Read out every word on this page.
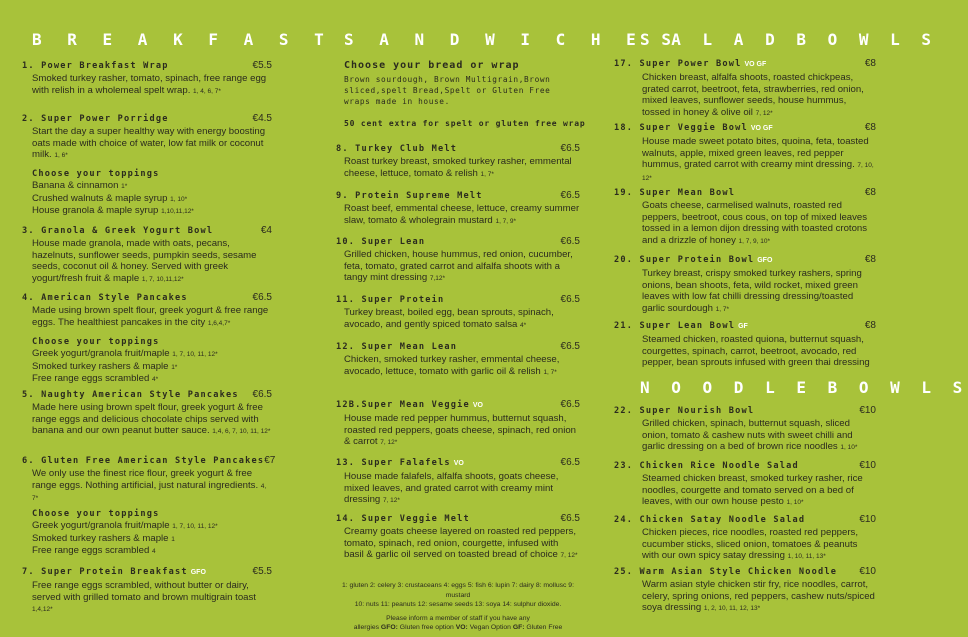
B R E A K F A S T
1. Power Breakfast Wrap	€5.5
Smoked turkey rasher, tomato, spinach, free range egg with relish in a wholemeal spelt wrap. 1, 4, 6, 7*
2. Super Power Porridge	€4.5
Start the day a super healthy way with energy boosting oats made with choice of water, low fat milk or coconut milk. 1, 6*
Choose your toppings
Banana & cinnamon 1*
Crushed walnuts & maple syrup 1, 10*
House granola & maple syrup 1,10,11,12*
3. Granola & Greek Yogurt Bowl	€4
House made granola, made with oats, pecans, hazelnuts, sunflower seeds, pumpkin seeds, sesame seeds, coconut oil & honey. Served with greek yogurt/fresh fruit & maple 1, 7, 10,11,12*
4. American Style Pancakes	€6.5
Made using brown spelt flour, greek yogurt & free range eggs. The healthiest pancakes in the city 1,6,4,7*
Choose your toppings
Greek yogurt/granola fruit/maple 1, 7, 10, 11, 12*
Smoked turkey rashers & maple 1*
Free range eggs scrambled 4*
5. Naughty American Style Pancakes €6.5
Made here using brown spelt flour, greek yogurt & free range eggs and delicious chocolate chips served with banana and our own peanut butter sauce. 1,4, 6, 7, 10, 11, 12*
6. Gluten Free American Style Pancakes €7
We only use the finest rice flour, greek yogurt & free range eggs. Nothing artificial, just natural ingredients. 4, 7*
Choose your toppings
Greek yogurt/granola fruit/maple 1, 7, 10, 11, 12*
Smoked turkey rashers & maple 1
Free range eggs scrambled 4
7. Super Protein Breakfast GFO	€5.5
Free range eggs scrambled, without butter or dairy, served with grilled tomato and brown multigrain toast 1,4,12*
S A N D W I C H E S
Choose your bread or wrap
Brown sourdough, Brown Multigrain,Brown sliced,spelt Bread,Spelt or Gluten Free wraps made in house.
50 cent extra for spelt or gluten free wrap
8. Turkey Club Melt	€6.5
Roast turkey breast, smoked turkey rasher, emmental cheese, lettuce, tomato & relish 1, 7*
9. Protein Supreme Melt	€6.5
Roast beef, emmental cheese, lettuce, creamy summer slaw, tomato & wholegrain mustard 1, 7, 9*
10. Super Lean	€6.5
Grilled chicken, house hummus, red onion, cucumber, feta, tomato, grated carrot and alfalfa shoots with a tangy mint dressing 7,12*
11. Super Protein	€6.5
Turkey breast, boiled egg, bean sprouts, spinach, avocado, and gently spiced tomato salsa 4*
12. Super Mean Lean	€6.5
Chicken, smoked turkey rasher, emmental cheese, avocado, lettuce, tomato with garlic oil & relish 1, 7*
12B.Super Mean Veggie VO	€6.5
House made red pepper hummus, butternut squash, roasted red peppers, goats cheese, spinach, red onion & carrot 7, 12*
13. Super Falafels VO	€6.5
House made falafels, alfalfa shoots, goats cheese, mixed leaves, and grated carrot with creamy mint dressing 7, 12*
14. Super Veggie Melt	€6.5
Creamy goats cheese layered on roasted red peppers, tomato, spinach, red onion, courgette, infused with basil & garlic oil served on toasted bread of choice 7, 12*
1: gluten 2: celery 3: crustaceans 4: eggs 5: fish 6: lupin 7: dairy 8: mollusc 9: mustard
10: nuts 11: peanuts 12: sesame seeds 13: soya 14: sulphur dioxide.
Please inform a member of staff if you have any
allergies GFO: Gluten free option VO: Vegan Option GF: Gluten Free
S A L A D B O W L S
17. Super Power Bowl VO GF	€8
Chicken breast, alfalfa shoots, roasted chickpeas, grated carrot, beetroot, feta, strawberries, red onion, mixed leaves, sunflower seeds, house hummus, tossed in honey & olive oil 7, 12*
18. Super Veggie Bowl VO GF	€8
House made sweet potato bites, quoina, feta, toasted walnuts, apple, mixed green leaves, red pepper hummus, grated carrot with creamy mint dressing. 7, 10, 12*
19. Super Mean Bowl	€8
Goats cheese, carmelised walnuts, roasted red peppers, beetroot, cous cous, on top of mixed leaves tossed in a lemon dijon dressing with toasted crotons and a drizzle of honey 1, 7, 9, 10*
20. Super Protein Bowl GFO	€8
Turkey breast, crispy smoked turkey rashers, spring onions, bean shoots, feta, wild rocket, mixed green leaves with low fat chilli dressing dressing/toasted garlic sourdough 1, 7*
21. Super Lean Bowl GF	€8
Steamed chicken, roasted quiona, butternut squash, courgettes, spinach, carrot, beetroot, avocado, red pepper, bean sprouts infused with green thai dressing
N O O D L E B O W L S
22. Super Nourish Bowl	€10
Grilled chicken, spinach, butternut squash, sliced onion, tomato & cashew nuts with sweet chilli and garlic dressing on a bed of brown rice noodles 1, 10*
23. Chicken Rice Noodle Salad	€10
Steamed chicken breast, smoked turkey rasher, rice noodles, courgette and tomato served on a bed of leaves, with our own house pesto 1, 10*
24. Chicken Satay Noodle Salad	€10
Chicken pieces, rice noodles, roasted red peppers, cucumber sticks, sliced onion, tomatoes & peanuts with our own spicy satay dressing 1, 10, 11, 13*
25. Warm Asian Style Chicken Noodle €10
Warm asian style chicken stir fry, rice noodles, carrot, celery, spring onions, red peppers, cashew nuts/spiced soya dressing 1, 2, 10, 11, 12, 13*
